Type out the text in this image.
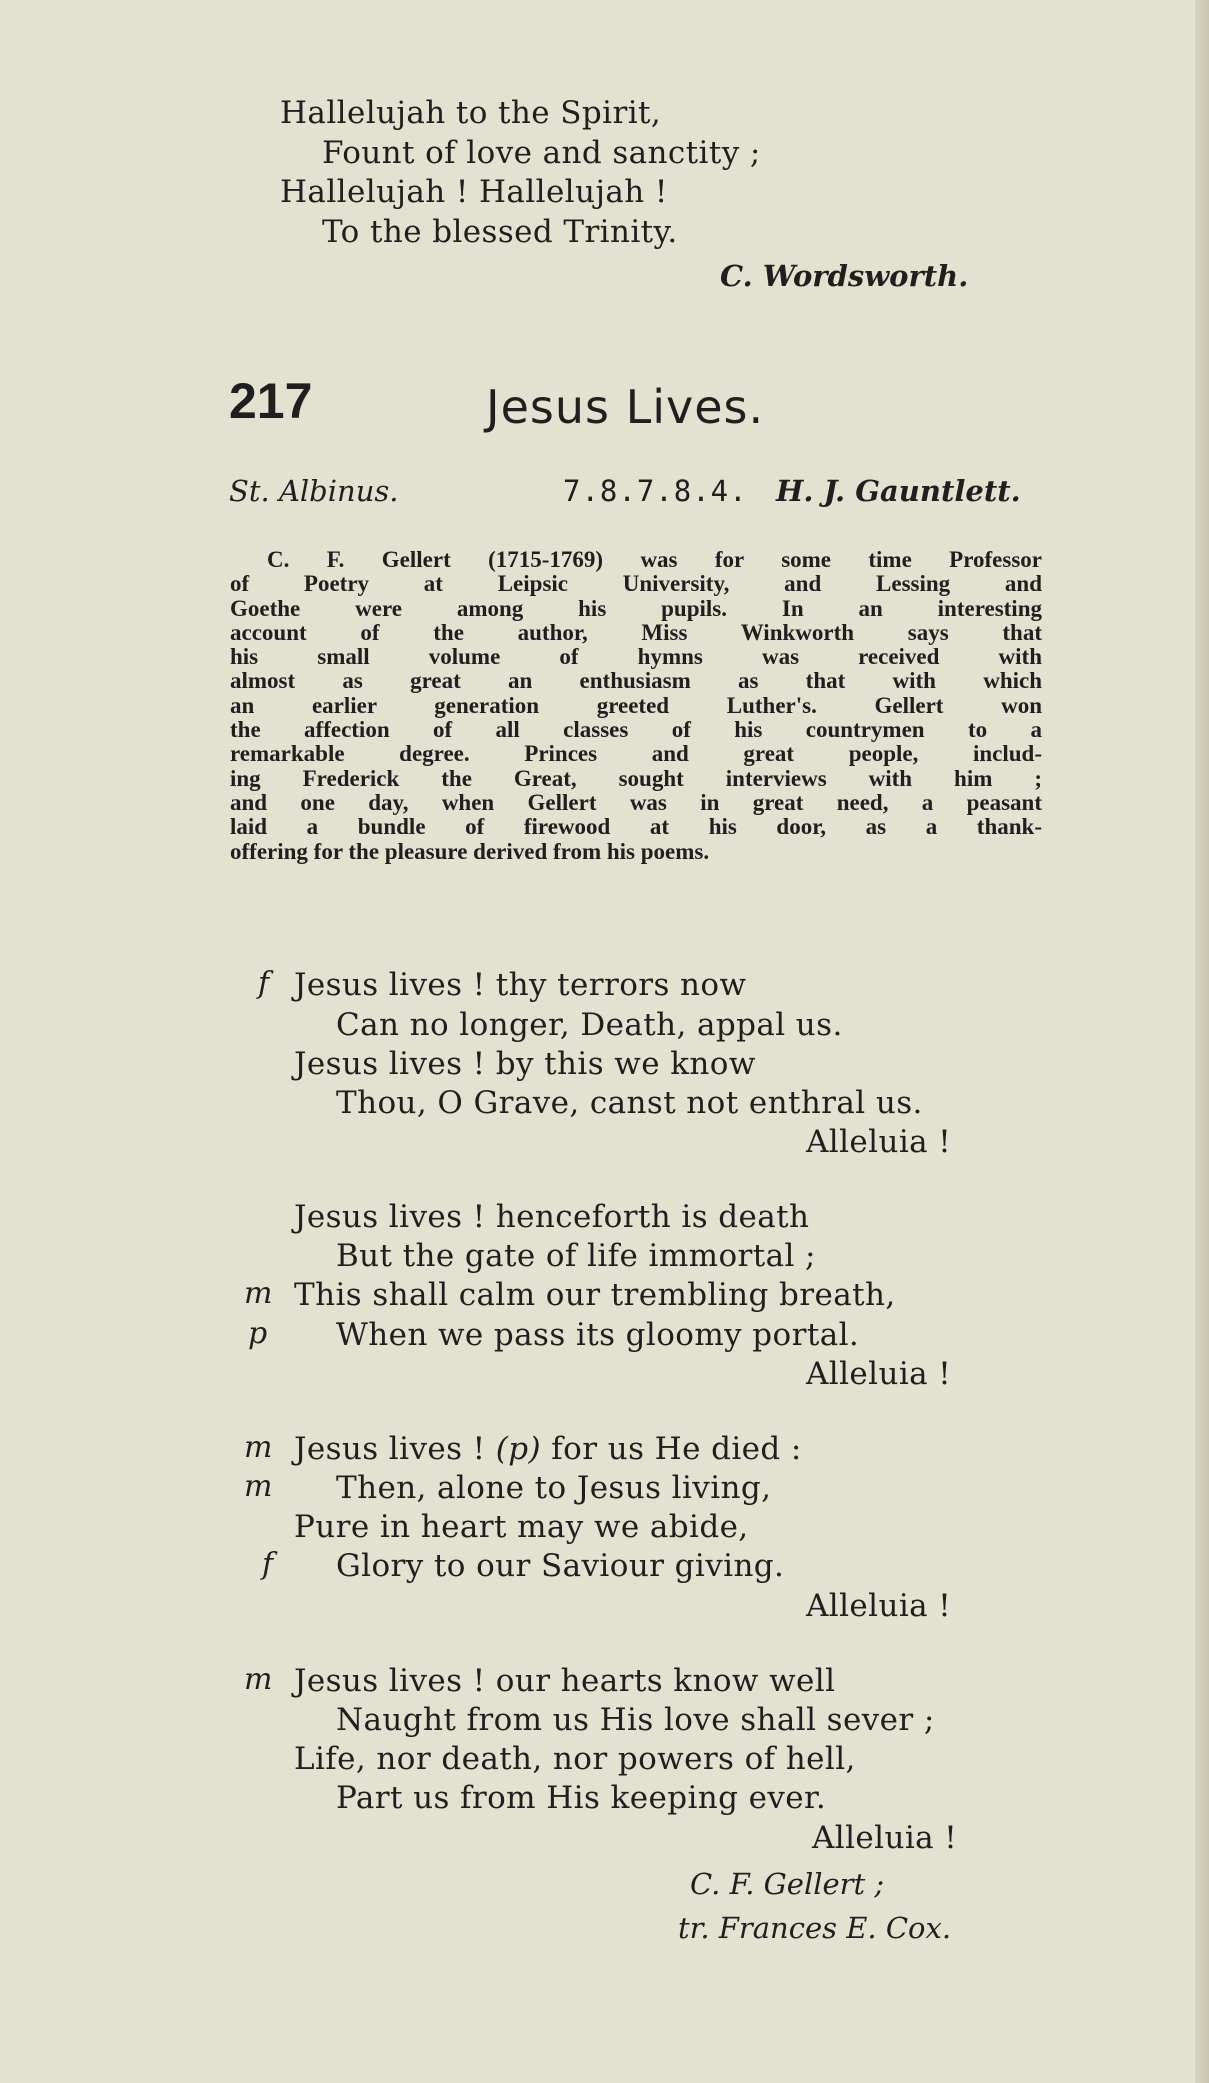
Hallelujah to the Spirit,
Fount of love and sanctity ;
Hallelujah ! Hallelujah !
To the blessed Trinity.
C. Wordsworth.
217	Jesus Lives.
St. Albinus.	7.8.7.8.4. H. J. Gauntlett.
C. F. Gellert (1715-1769) was for some time Professor
of Poetry at Leipsic University, and Lessing and
Goethe were among his pupils. In an interesting
account of the author, Miss Winkworth says that
his small volume of hymns was received with
almost as great an enthusiasm as that with which
an earlier generation greeted Luther's. Gellert won
the affection of all classes of his countrymen to a
remarkable degree. Princes and great people, includ-
ing Frederick the Great, sought interviews with him ;
and one day, when Gellert was in great need, a peasant
laid a bundle of firewood at his door, as a thank-
offering for the pleasure derived from his poems.
f Jesus lives ! thy terrors now
Can no longer, Death, appal us.
Jesus lives ! by this we know
Thou, O Grave, canst not enthral us.
Alleluia !
Jesus lives ! henceforth is death
But the gate of life immortal ;
m This shall calm our trembling breath,
p When we pass its gloomy portal.
Alleluia !
m Jesus lives ! (p) for us He died :
m Then, alone to Jesus living,
Pure in heart may we abide,
f Glory to our Saviour giving.
Alleluia !
m Jesus lives ! our hearts know well
Naught from us His love shall sever ;
Life, nor death, nor powers of hell,
Part us from His keeping ever.
Alleluia !
C. F. Gellert ;
tr. Frances E. Cox.
